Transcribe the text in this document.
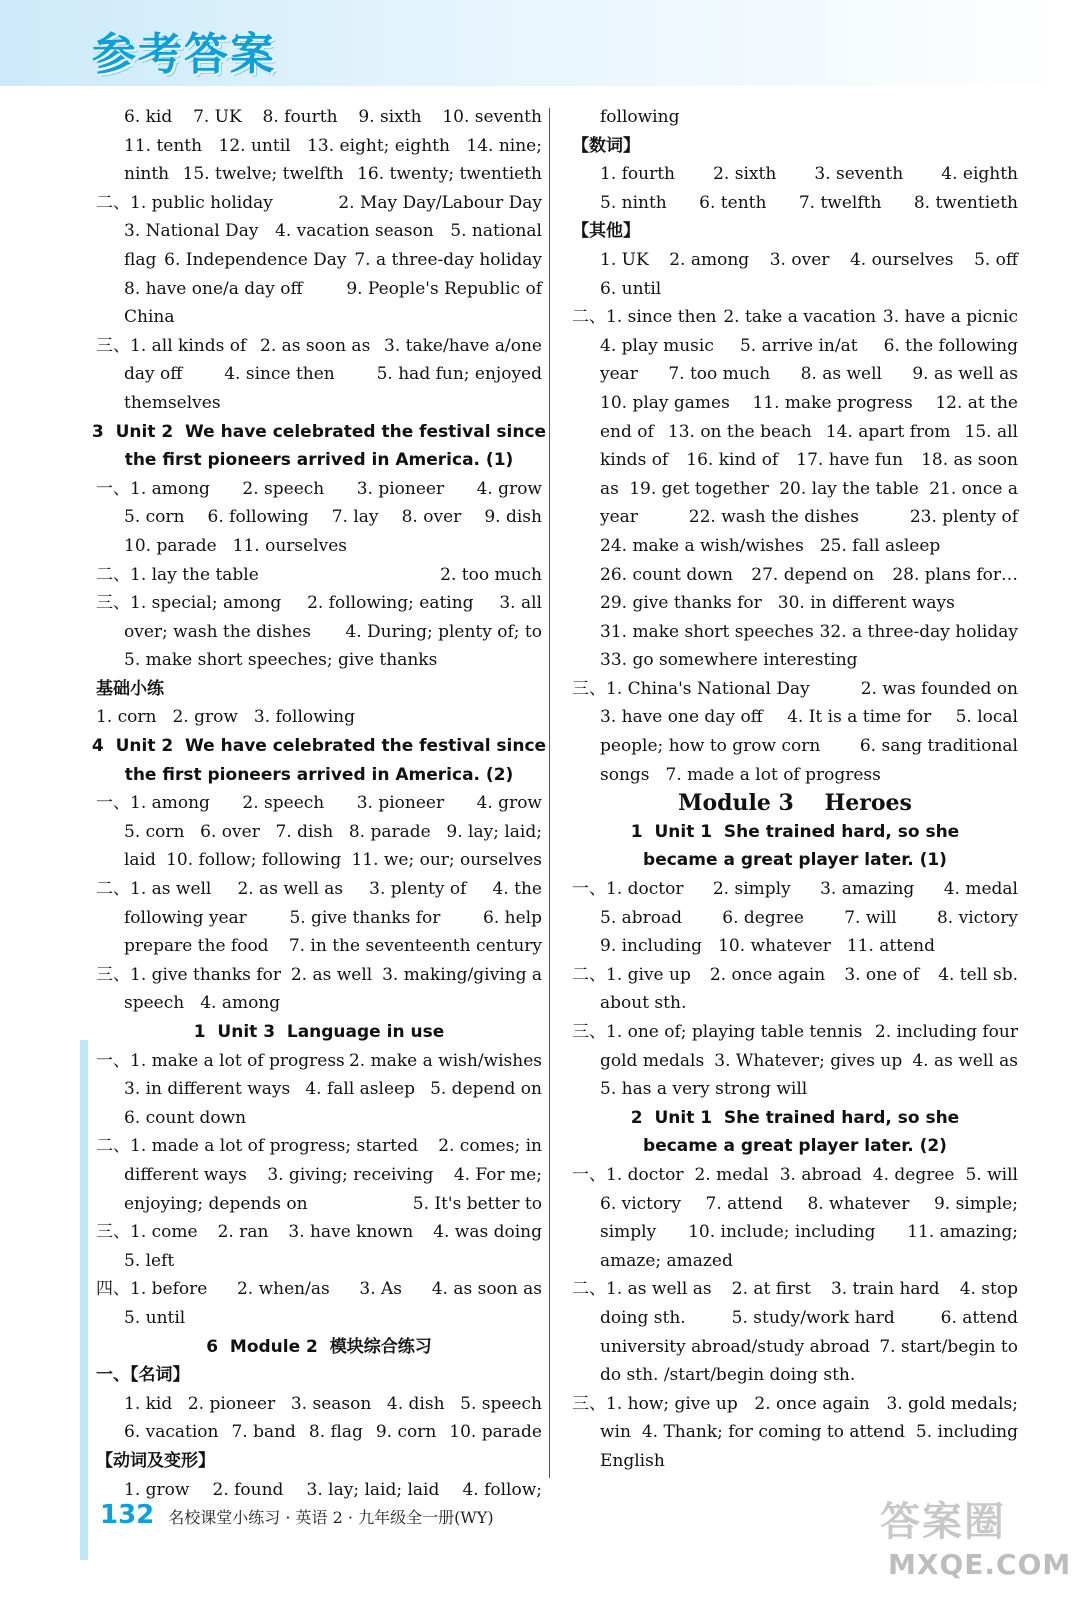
参考答案
6. kid 7. UK 8. fourth 9. sixth 10. seventh
11. tenth 12. until 13. eight; eighth 14. nine;
ninth 15. twelve; twelfth 16. twenty; twentieth
二、1. public holiday	2. May Day/Labour Day
3. National Day 4. vacation season 5. national
flag 6. Independence Day 7. a three-day holiday
8. have one/a day off	9. People's Republic of
China
三、1. all kinds of 2. as soon as 3. take/have a/one
day off 4. since then 5. had fun; enjoyed
themselves
3  Unit 2  We have celebrated the festival since
the first pioneers arrived in America. (1)
一、1. among 2. speech 3. pioneer 4. grow
5. corn 6. following 7. lay 8. over 9. dish
10. parade 11. ourselves
二、1. lay the table	2. too much
三、1. special; among 2. following; eating 3. all
over; wash the dishes 4. During; plenty of; to
5. make short speeches; give thanks
基础小练
1. corn 2. grow 3. following
4  Unit 2  We have celebrated the festival since
the first pioneers arrived in America. (2)
一、1. among 2. speech 3. pioneer 4. grow
5. corn 6. over 7. dish 8. parade 9. lay; laid;
laid 10. follow; following 11. we; our; ourselves
二、1. as well 2. as well as 3. plenty of 4. the
following year	5. give thanks for	6. help
prepare the food 7. in the seventeenth century
三、1. give thanks for 2. as well 3. making/giving a
speech 4. among
1  Unit 3  Language in use
一、1. make a lot of progress 2. make a wish/wishes
3. in different ways 4. fall asleep 5. depend on
6. count down
二、1. made a lot of progress; started 2. comes; in
different ways 3. giving; receiving 4. For me;
enjoying; depends on	5. It's better to
三、1. come 2. ran 3. have known 4. was doing
5. left
四、1. before 2. when/as 3. As 4. as soon as
5. until
6  Module 2  模块综合练习
一、【名词】
1. kid 2. pioneer 3. season 4. dish 5. speech
6. vacation 7. band 8. flag 9. corn 10. parade
【动词及变形】
1. grow 2. found 3. lay; laid; laid 4. follow;
following
【数词】
1. fourth 2. sixth 3. seventh 4. eighth
5. ninth 6. tenth 7. twelfth 8. twentieth
【其他】
1. UK 2. among 3. over 4. ourselves 5. off
6. until
二、1. since then 2. take a vacation 3. have a picnic
4. play music 5. arrive in/at 6. the following
year 7. too much 8. as well 9. as well as
10. play games 11. make progress 12. at the
end of 13. on the beach 14. apart from 15. all
kinds of 16. kind of 17. have fun 18. as soon
as 19. get together 20. lay the table 21. once a
year	22. wash the dishes	23. plenty of
24. make a wish/wishes 25. fall asleep
26. count down 27. depend on 28. plans for…
29. give thanks for 30. in different ways
31. make short speeches 32. a three-day holiday
33. go somewhere interesting
三、1. China's National Day	2. was founded on
3. have one day off 4. It is a time for 5. local
people; how to grow corn 6. sang traditional
songs 7. made a lot of progress
Module 3    Heroes
1  Unit 1  She trained hard, so she
became a great player later. (1)
一、1. doctor 2. simply 3. amazing 4. medal
5. abroad 6. degree 7. will 8. victory
9. including 10. whatever 11. attend
二、1. give up 2. once again 3. one of 4. tell sb.
about sth.
三、1. one of; playing table tennis 2. including four
gold medals 3. Whatever; gives up 4. as well as
5. has a very strong will
2  Unit 1  She trained hard, so she
became a great player later. (2)
一、1. doctor 2. medal 3. abroad 4. degree 5. will
6. victory 7. attend 8. whatever 9. simple;
simply 10. include; including 11. amazing;
amaze; amazed
二、1. as well as 2. at first 3. train hard 4. stop
doing sth.	5. study/work hard	6. attend
university abroad/study abroad 7. start/begin to
do sth. /start/begin doing sth.
三、1. how; give up 2. once again 3. gold medals;
win 4. Thank; for coming to attend 5. including
English
132 名校课堂小练习 · 英语 2 · 九年级全一册(WY)	答案圈
MXQE.COM
